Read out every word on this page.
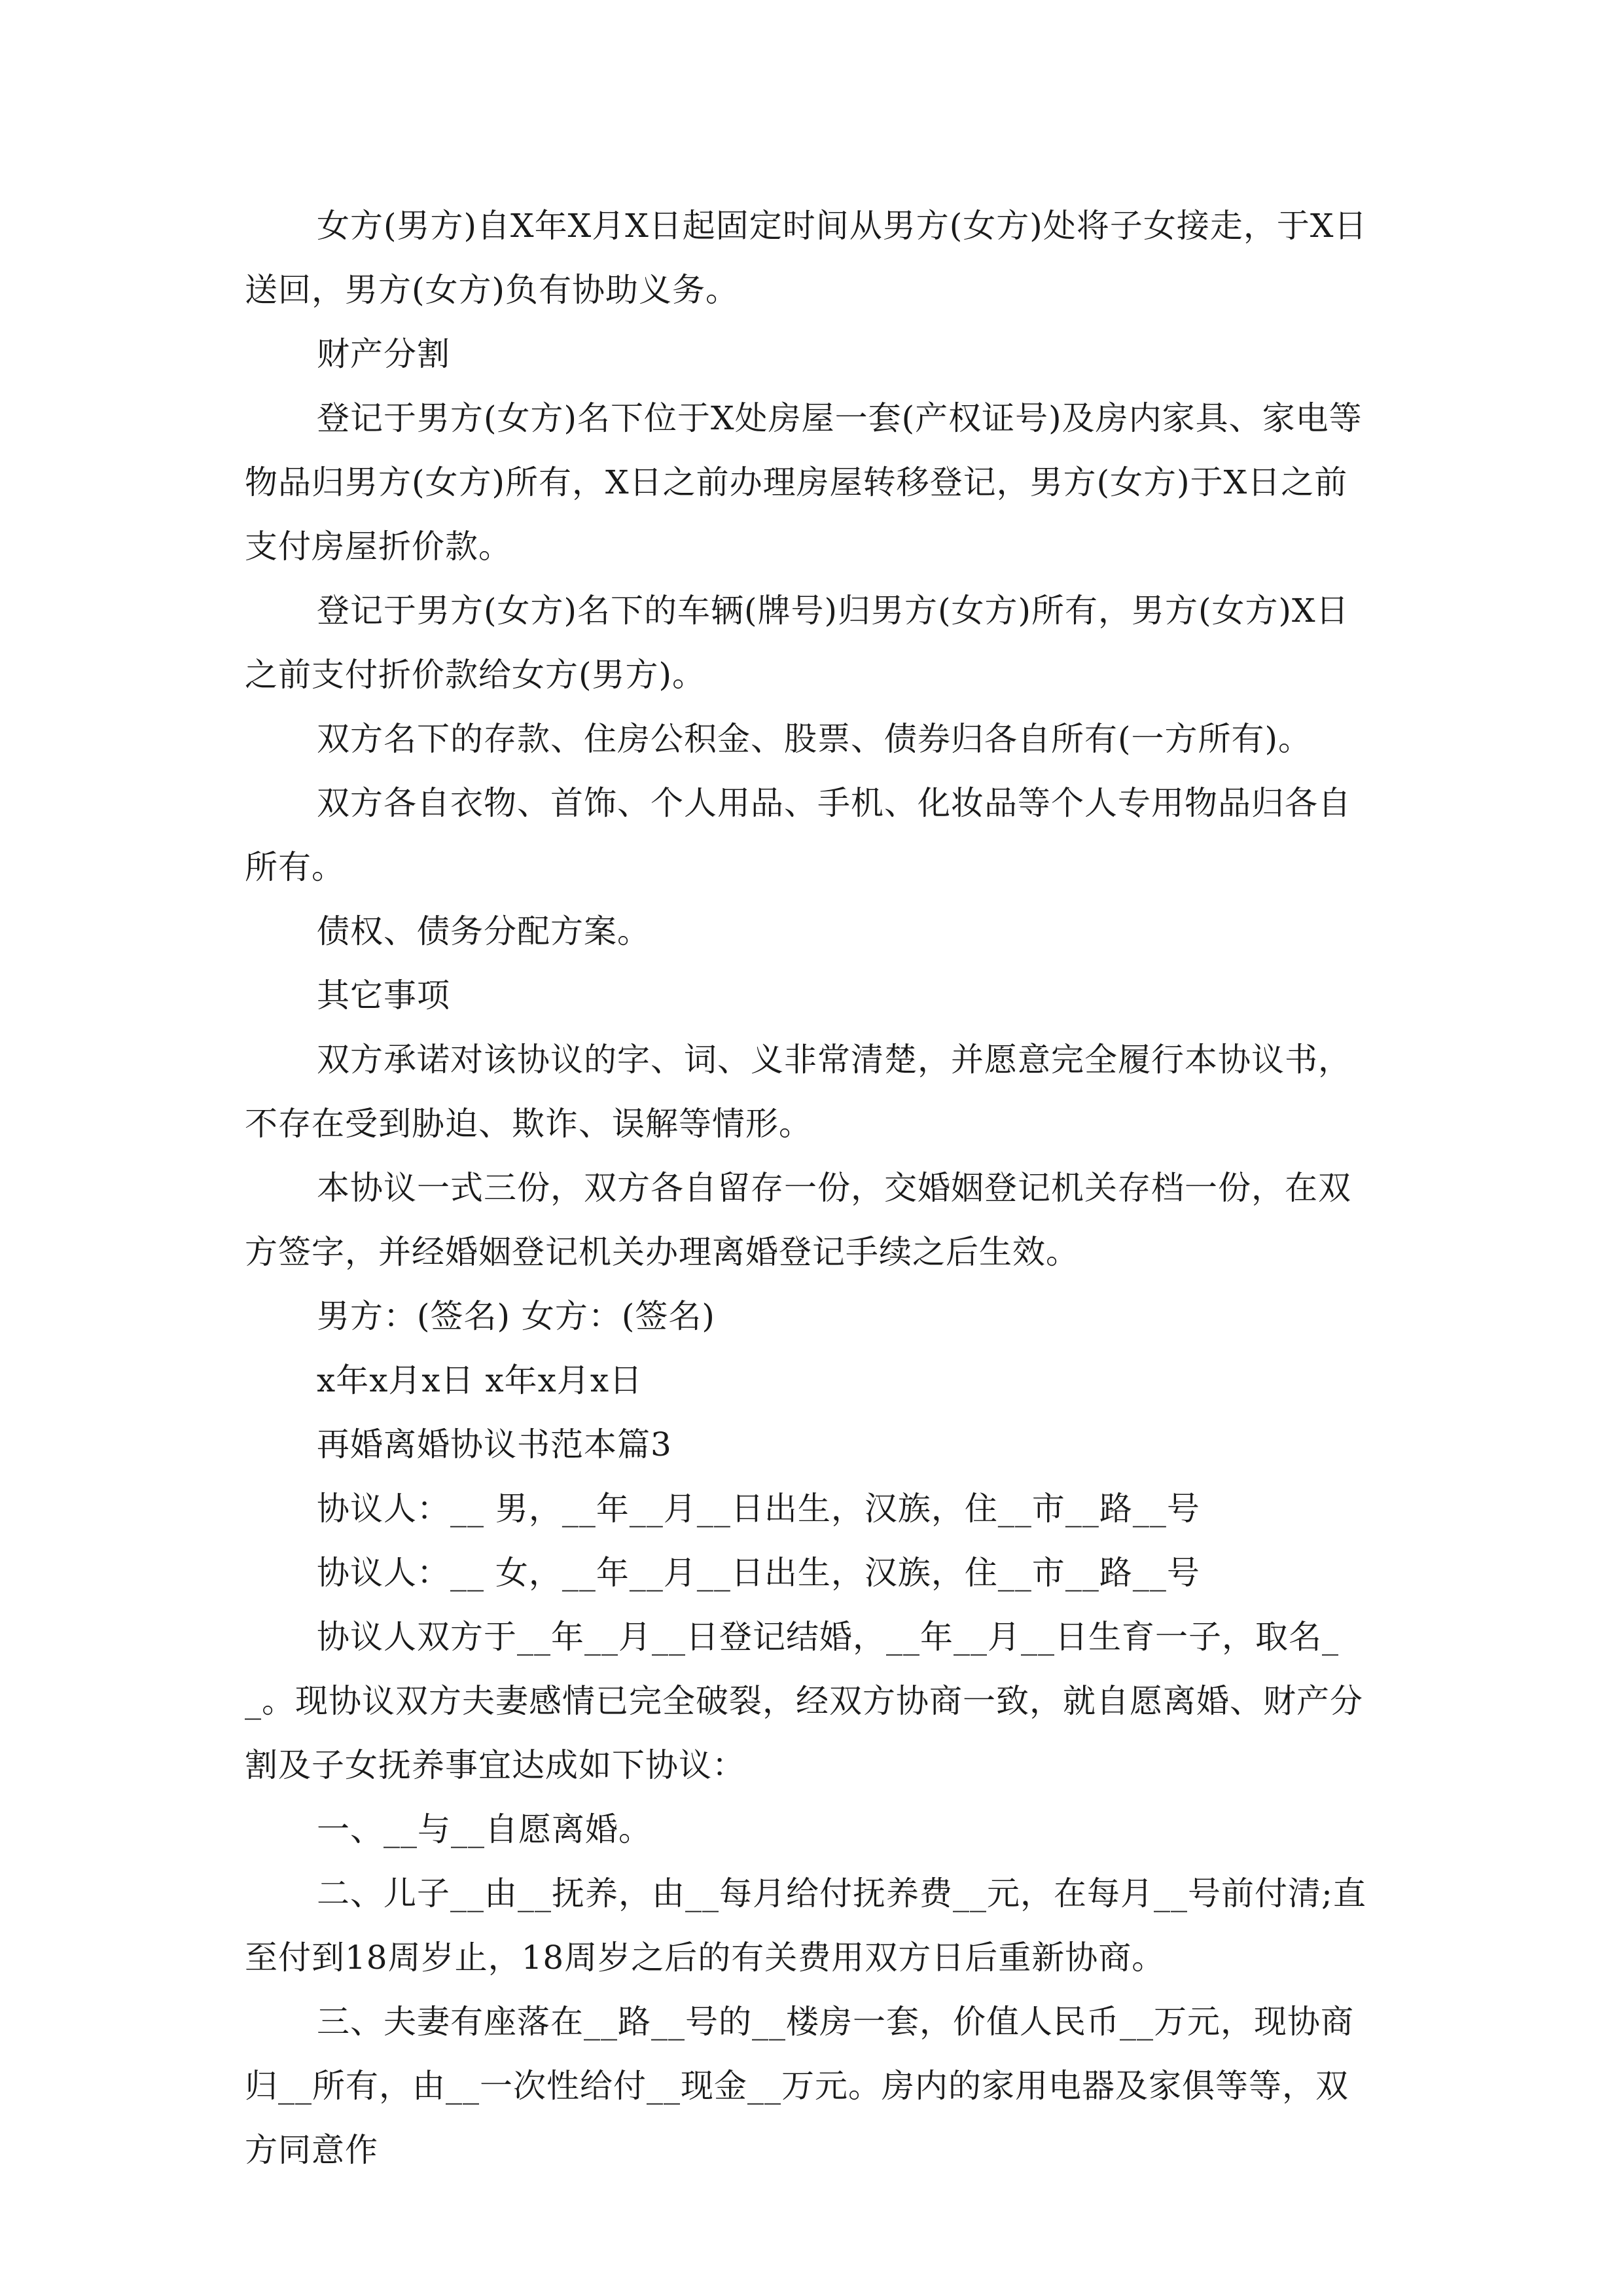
女方(男方)自X年X月X日起固定时间从男方(女方)处将子女接走，于X日送回，男方(女方)负有协助义务。

财产分割

登记于男方(女方)名下位于X处房屋一套(产权证号)及房内家具、家电等物品归男方(女方)所有，X日之前办理房屋转移登记，男方(女方)于X日之前支付房屋折价款。

登记于男方(女方)名下的车辆(牌号)归男方(女方)所有，男方(女方)X日之前支付折价款给女方(男方)。

双方名下的存款、住房公积金、股票、债券归各自所有(一方所有)。

双方各自衣物、首饰、个人用品、手机、化妆品等个人专用物品归各自所有。

债权、债务分配方案。

其它事项

双方承诺对该协议的字、词、义非常清楚，并愿意完全履行本协议书，不存在受到胁迫、欺诈、误解等情形。

本协议一式三份，双方各自留存一份，交婚姻登记机关存档一份，在双方签字，并经婚姻登记机关办理离婚登记手续之后生效。

男方：(签名) 女方：(签名)

x年x月x日 x年x月x日

再婚离婚协议书范本篇3

协议人：__ 男，__年__月__日出生，汉族，住__市__路__号

协议人：__ 女，__年__月__日出生，汉族，住__市__路__号

协议人双方于__年__月__日登记结婚，__年__月__日生育一子，取名__。现协议双方夫妻感情已完全破裂，经双方协商一致，就自愿离婚、财产分割及子女抚养事宜达成如下协议：

一、__与__自愿离婚。

二、儿子__由__抚养，由__每月给付抚养费__元，在每月__号前付清;直至付到18周岁止，18周岁之后的有关费用双方日后重新协商。

三、夫妻有座落在__路__号的__楼房一套，价值人民币__万元，现协商归__所有，由__一次性给付__现金__万元。房内的家用电器及家俱等等，双方同意作
